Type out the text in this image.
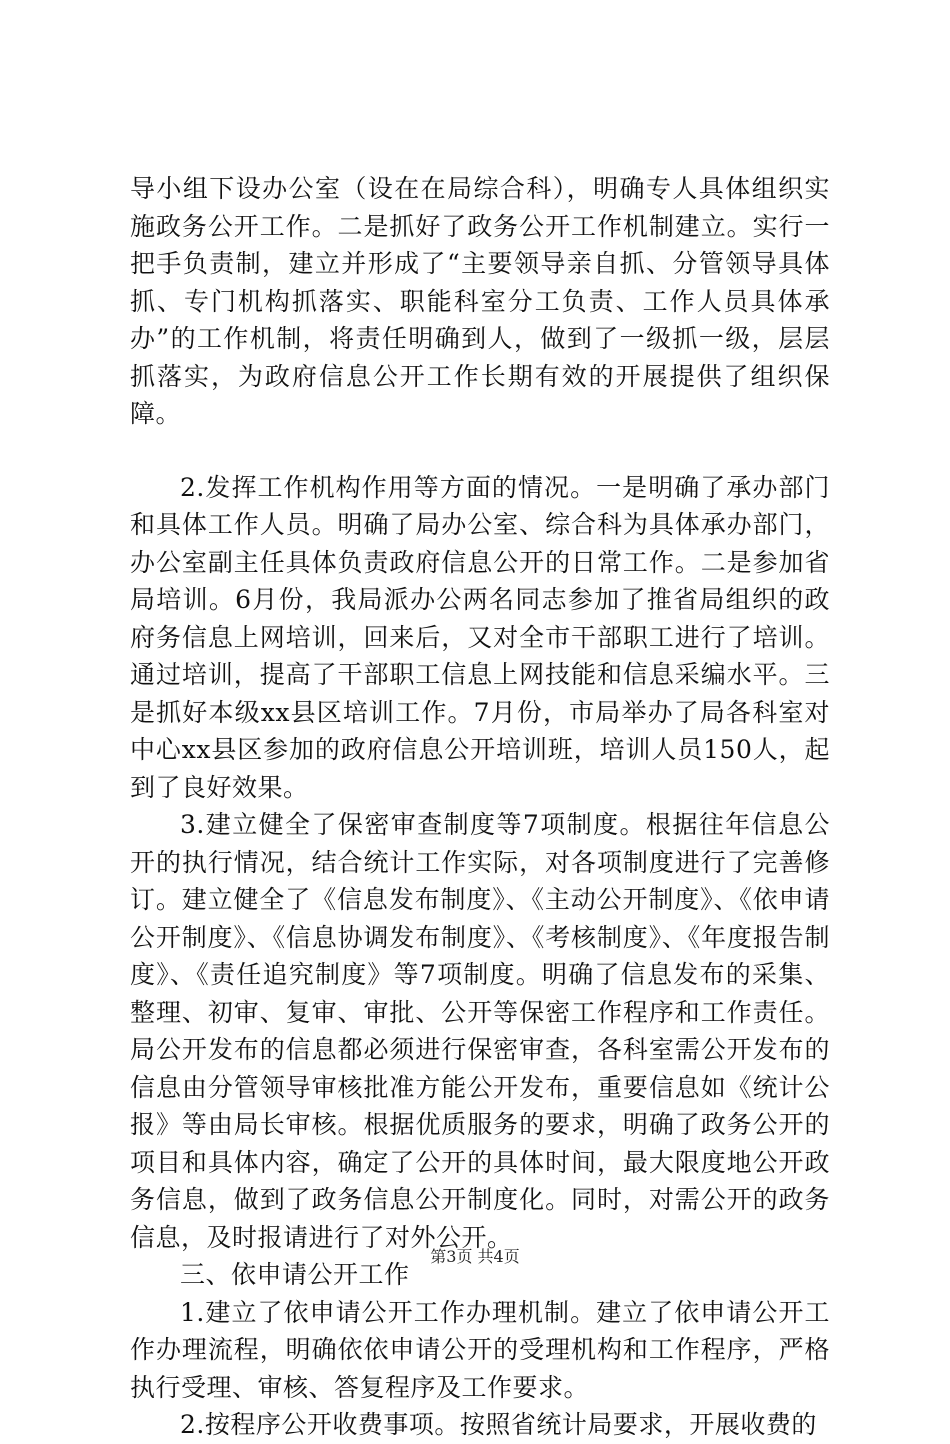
导小组下设办公室（设在在局综合科），明确专人具体组织实施政务公开工作。二是抓好了政务公开工作机制建立。实行一把手负责制，建立并形成了“主要领导亲自抓、分管领导具体抓、专门机构抓落实、职能科室分工负责、工作人员具体承办”的工作机制，将责任明确到人，做到了一级抓一级，层层抓落实，为政府信息公开工作长期有效的开展提供了组织保障。

2.发挥工作机构作用等方面的情况。一是明确了承办部门和具体工作人员。明确了局办公室、综合科为具体承办部门，办公室副主任具体负责政府信息公开的日常工作。二是参加省局培训。6月份，我局派办公两名同志参加了推省局组织的政府务信息上网培训，回来后，又对全市干部职工进行了培训。通过培训，提高了干部职工信息上网技能和信息采编水平。三是抓好本级xx县区培训工作。7月份，市局举办了局各科室对中心xx县区参加的政府信息公开培训班，培训人员150人，起到了良好效果。

3.建立健全了保密审查制度等7项制度。根据往年信息公开的执行情况，结合统计工作实际，对各项制度进行了完善修订。建立健全了《信息发布制度》、《主动公开制度》、《依申请公开制度》、《信息协调发布制度》、《考核制度》、《年度报告制度》、《责任追究制度》等7项制度。明确了信息发布的采集、整理、初审、复审、审批、公开等保密工作程序和工作责任。局公开发布的信息都必须进行保密审查，各科室需公开发布的信息由分管领导审核批准方能公开发布，重要信息如《统计公报》等由局长审核。根据优质服务的要求，明确了政务公开的项目和具体内容，确定了公开的具体时间，最大限度地公开政务信息，做到了政务信息公开制度化。同时，对需公开的政务信息，及时报请进行了对外公开。

三、依申请公开工作

1.建立了依申请公开工作办理机制。建立了依申请公开工作办理流程，明确依依申请公开的受理机构和工作程序，严格执行受理、审核、答复程序及工作要求。

2.按程序公开收费事项。按照省统计局要求，开展收费的

第3页 共4页
